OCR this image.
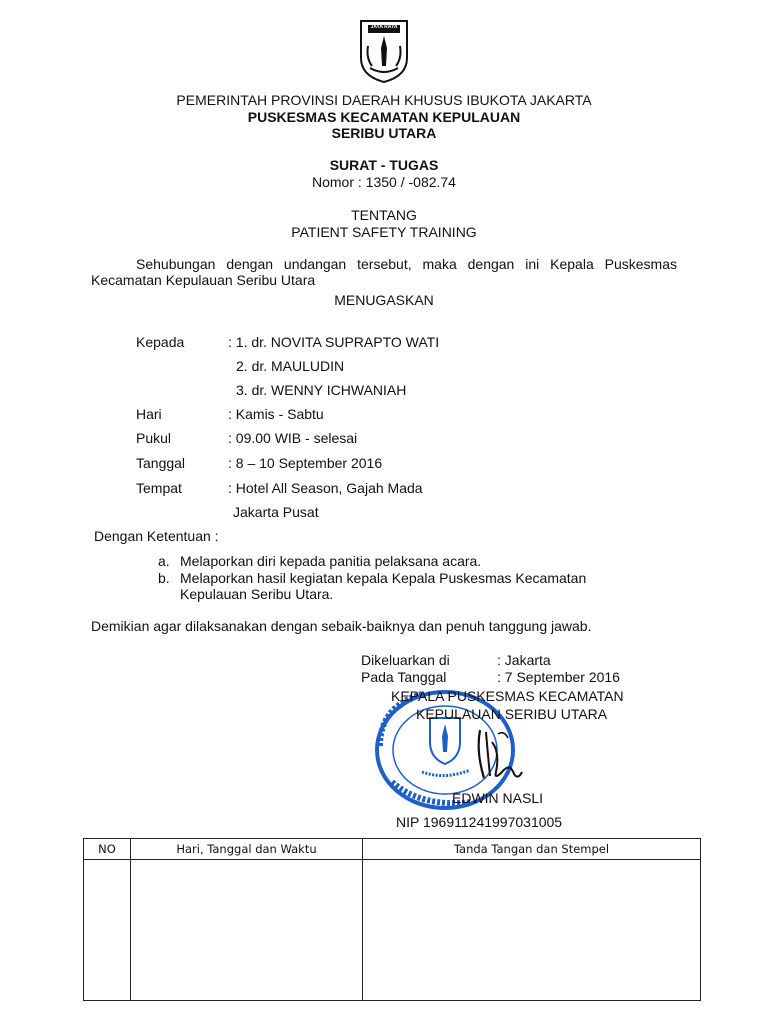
JAYA RAYA
PEMERINTAH PROVINSI DAERAH KHUSUS IBUKOTA JAKARTA
PUSKESMAS KECAMATAN KEPULAUAN
SERIBU UTARA
SURAT - TUGAS
Nomor : 1350 / -082.74
TENTANG
PATIENT SAFETY TRAINING
Sehubungan dengan undangan tersebut, maka dengan ini Kepala Puskesmas
Kecamatan Kepulauan Seribu Utara
MENUGASKAN
Kepada	: 1. dr. NOVITA SUPRAPTO WATI
2. dr. MAULUDIN
3. dr. WENNY ICHWANIAH
Hari	: Kamis - Sabtu
Pukul	: 09.00 WIB - selesai
Tanggal	: 8 – 10 September 2016
Tempat	: Hotel All Season, Gajah Mada
Jakarta Pusat
Dengan Ketentuan :
a. Melaporkan diri kepada panitia pelaksana acara.
b. Melaporkan hasil kegiatan kepala Kepala Puskesmas Kecamatan
Kepulauan Seribu Utara.
Demikian agar dilaksanakan dengan sebaik-baiknya dan penuh tanggung jawab.
Dikeluarkan di	: Jakarta
Pada Tanggal	: 7 September 2016
KEPALA PUSKESMAS KECAMATAN
KEPULAUAN SERIBU UTARA
EDWIN NASLI
NIP 196911241997031005
NO	Hari, Tanggal dan Waktu	Tanda Tangan dan Stempel
